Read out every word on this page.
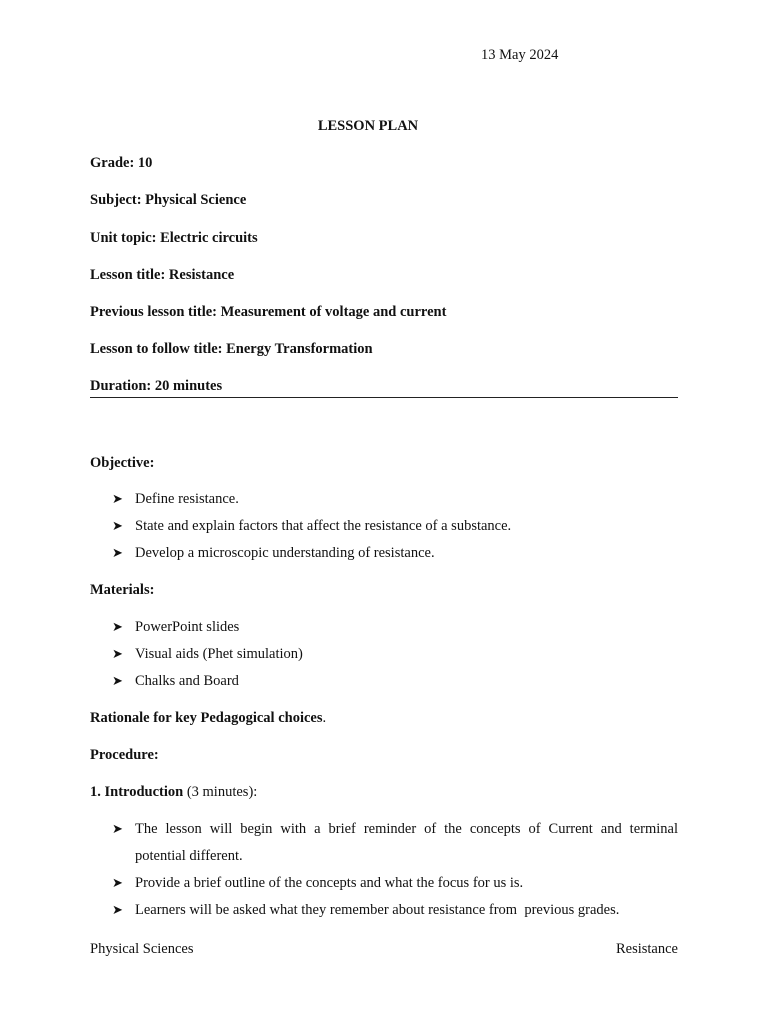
13 May 2024
LESSON PLAN
Grade: 10
Subject: Physical Science
Unit topic: Electric circuits
Lesson title: Resistance
Previous lesson title: Measurement of voltage and current
Lesson to follow title: Energy Transformation
Duration: 20 minutes
Objective:
➤ Define resistance.
➤ State and explain factors that affect the resistance of a substance.
➤ Develop a microscopic understanding of resistance.
Materials:
➤ PowerPoint slides
➤ Visual aids (Phet simulation)
➤ Chalks and Board
Rationale for key Pedagogical choices.
Procedure:
1. Introduction (3 minutes):
➤ The lesson will begin with a brief reminder of the concepts of Current and terminal
potential different.
➤ Provide a brief outline of the concepts and what the focus for us is.
➤ Learners will be asked what they remember about resistance from  previous grades.
Physical Sciences	Resistance
